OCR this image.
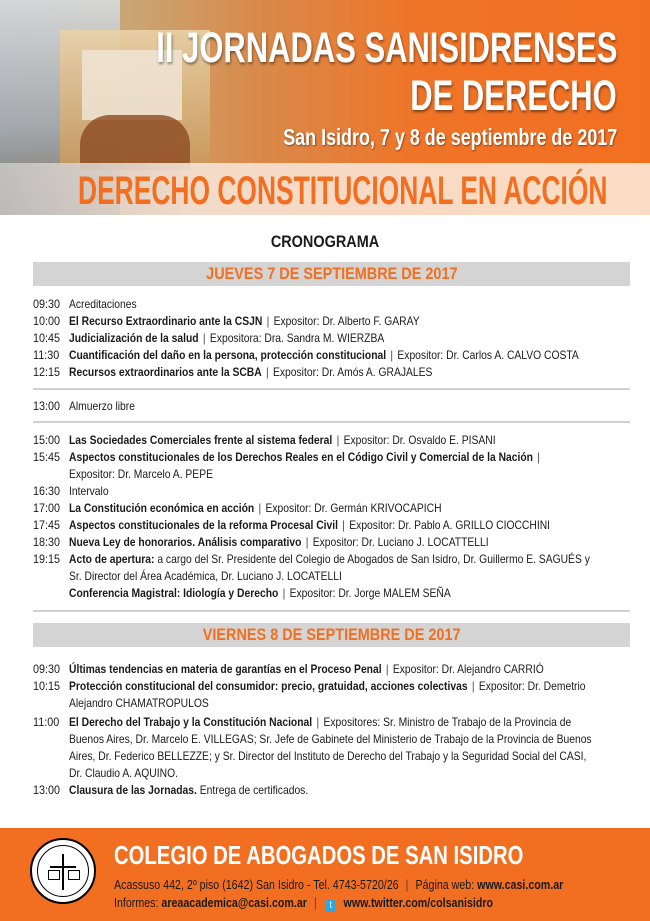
II JORNADAS SANISIDRENSES
DE DERECHO
San Isidro, 7 y 8 de septiembre de 2017
DERECHO CONSTITUCIONAL EN ACCIÓN
CRONOGRAMA
JUEVES 7 DE SEPTIEMBRE DE 2017
09:30 Acreditaciones
10:00 El Recurso Extraordinario ante la CSJN | Expositor: Dr. Alberto F. GARAY
10:45 Judicialización de la salud | Expositora: Dra. Sandra M. WIERZBA
11:30 Cuantificación del daño en la persona, protección constitucional | Expositor: Dr. Carlos A. CALVO COSTA
12:15 Recursos extraordinarios ante la SCBA | Expositor: Dr. Amós A. GRAJALES
13:00 Almuerzo libre
15:00 Las Sociedades Comerciales frente al sistema federal | Expositor: Dr. Osvaldo E. PISANI
15:45 Aspectos constitucionales de los Derechos Reales en el Código Civil y Comercial de la Nación |
Expositor: Dr. Marcelo A. PEPE
16:30 Intervalo
17:00 La Constitución económica en acción | Expositor: Dr. Germán KRIVOCAPICH
17:45 Aspectos constitucionales de la reforma Procesal Civil | Expositor: Dr. Pablo A. GRILLO CIOCCHINI
18:30 Nueva Ley de honorarios. Análisis comparativo | Expositor: Dr. Luciano J. LOCATTELLI
19:15 Acto de apertura: a cargo del Sr. Presidente del Colegio de Abogados de San Isidro, Dr. Guillermo E. SAGUÉS y
Sr. Director del Área Académica, Dr. Luciano J. LOCATELLI
Conferencia Magistral: Idiología y Derecho | Expositor: Dr. Jorge MALEM SEÑA
VIERNES 8 DE SEPTIEMBRE DE 2017
09:30 Últimas tendencias en materia de garantías en el Proceso Penal | Expositor: Dr. Alejandro CARRIÓ
10:15 Protección constitucional del consumidor: precio, gratuidad, acciones colectivas | Expositor: Dr. Demetrio
Alejandro CHAMATROPULOS
11:00 El Derecho del Trabajo y la Constitución Nacional | Expositores: Sr. Ministro de Trabajo de la Provincia de
Buenos Aires, Dr. Marcelo E. VILLEGAS; Sr. Jefe de Gabinete del Ministerio de Trabajo de la Provincia de Buenos
Aires, Dr. Federico BELLEZZE; y Sr. Director del Instituto de Derecho del Trabajo y la Seguridad Social del CASI,
Dr. Claudio A. AQUINO.
13:00 Clausura de las Jornadas. Entrega de certificados.
COLEGIO DE ABOGADOS DE SAN ISIDRO
Acassuso 442, 2º piso (1642) San Isidro - Tel. 4743-5720/26 | Página web: www.casi.com.ar
Informes: areaacademica@casi.com.ar | t www.twitter.com/colsanisidro
